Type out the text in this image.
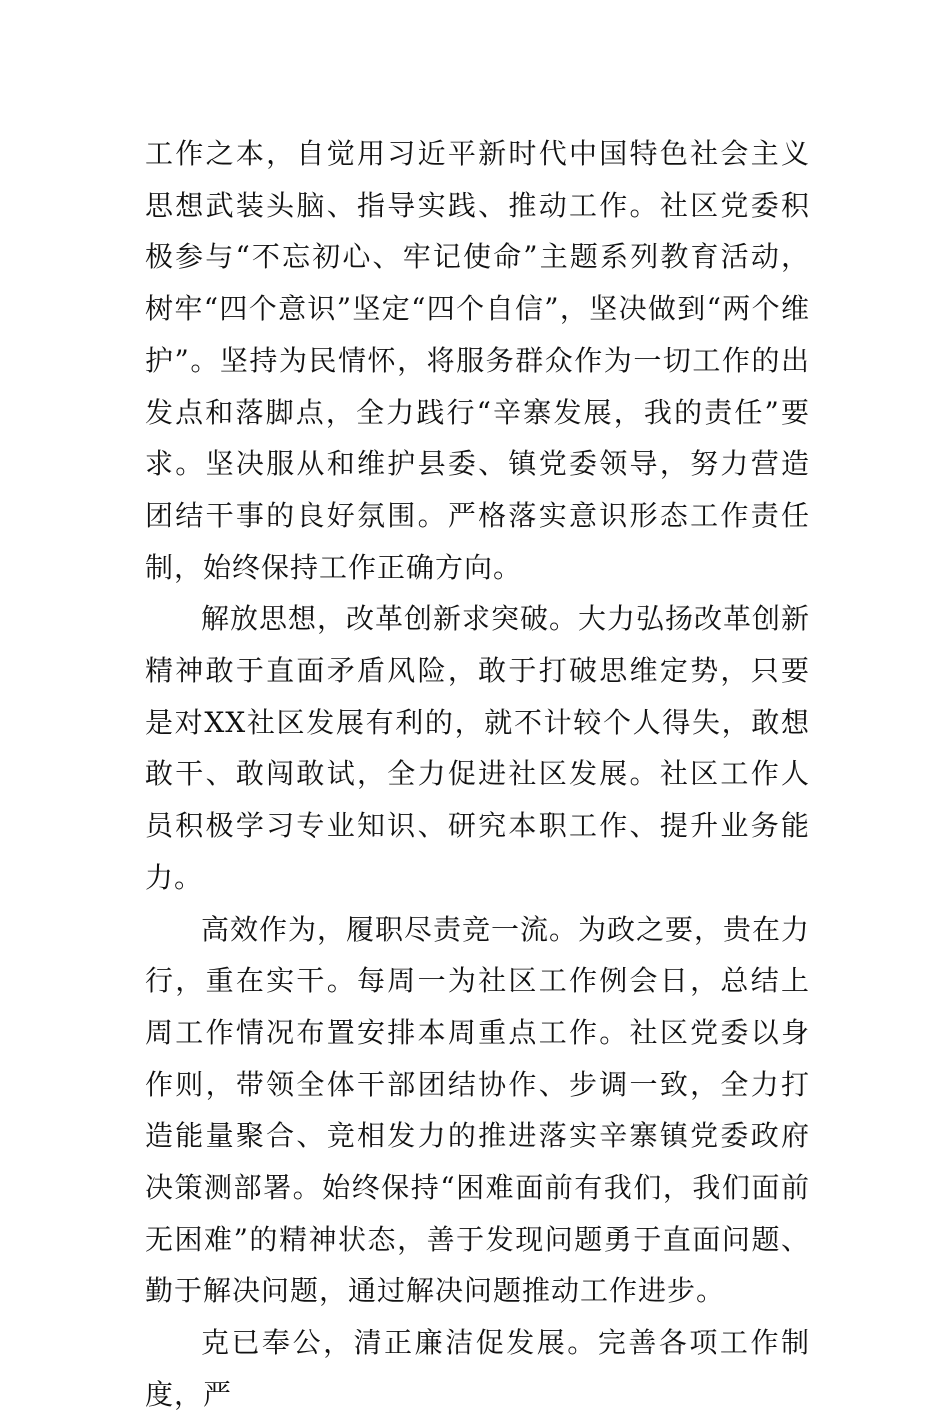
工作之本，自觉用习近平新时代中国特色社会主义思想武装头脑、指导实践、推动工作。社区党委积极参与“不忘初心、牢记使命”主题系列教育活动，树牢“四个意识”坚定“四个自信”，坚决做到“两个维护”。坚持为民情怀，将服务群众作为一切工作的出发点和落脚点，全力践行“辛寨发展，我的责任”要求。坚决服从和维护县委、镇党委领导，努力营造团结干事的良好氛围。严格落实意识形态工作责任制，始终保持工作正确方向。

解放思想，改革创新求突破。大力弘扬改革创新精神敢于直面矛盾风险，敢于打破思维定势，只要是对XX社区发展有利的，就不计较个人得失，敢想敢干、敢闯敢试，全力促进社区发展。社区工作人员积极学习专业知识、研究本职工作、提升业务能力。

高效作为，履职尽责竞一流。为政之要，贵在力行，重在实干。每周一为社区工作例会日，总结上周工作情况布置安排本周重点工作。社区党委以身作则，带领全体干部团结协作、步调一致，全力打造能量聚合、竞相发力的推进落实辛寨镇党委政府决策测部署。始终保持“困难面前有我们，我们面前无困难”的精神状态，善于发现问题勇于直面问题、勤于解决问题，通过解决问题推动工作进步。

克已奉公，清正廉洁促发展。完善各项工作制度，严
